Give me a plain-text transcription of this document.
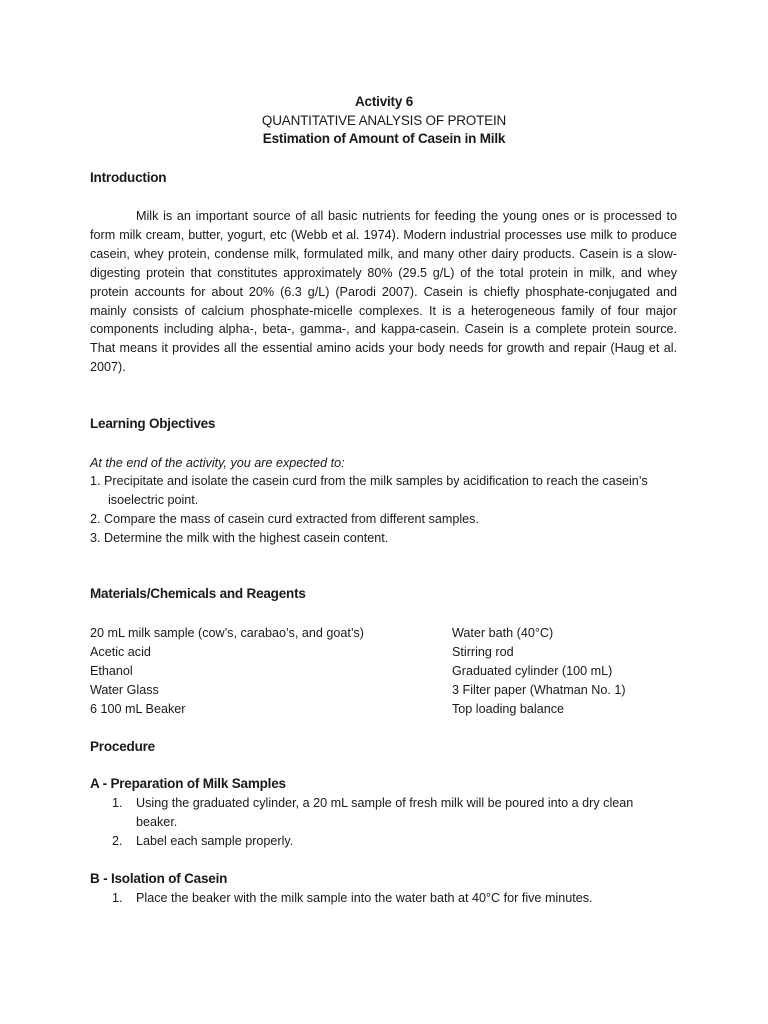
Activity 6
QUANTITATIVE ANALYSIS OF PROTEIN
Estimation of Amount of Casein in Milk
Introduction
Milk is an important source of all basic nutrients for feeding the young ones or is processed to form milk cream, butter, yogurt, etc (Webb et al. 1974). Modern industrial processes use milk to produce casein, whey protein, condense milk, formulated milk, and many other dairy products. Casein is a slow-digesting protein that constitutes approximately 80% (29.5 g/L) of the total protein in milk, and whey protein accounts for about 20% (6.3 g/L) (Parodi 2007). Casein is chiefly phosphate-conjugated and mainly consists of calcium phosphate-micelle complexes. It is a heterogeneous family of four major components including alpha-, beta-, gamma-, and kappa-casein. Casein is a complete protein source. That means it provides all the essential amino acids your body needs for growth and repair (Haug et al. 2007).
Learning Objectives
At the end of the activity, you are expected to:
1. Precipitate and isolate the casein curd from the milk samples by acidification to reach the casein’s isoelectric point.
2. Compare the mass of casein curd extracted from different samples.
3. Determine the milk with the highest casein content.
Materials/Chemicals and Reagents
20 mL milk sample (cow’s, carabao’s, and goat’s)
Acetic acid
Ethanol
Water Glass
6 100 mL Beaker
Water bath (40°C)
Stirring rod
Graduated cylinder (100 mL)
3 Filter paper (Whatman No. 1)
Top loading balance
Procedure
A - Preparation of Milk Samples
1. Using the graduated cylinder, a 20 mL sample of fresh milk will be poured into a dry clean beaker.
2. Label each sample properly.
B - Isolation of Casein
1. Place the beaker with the milk sample into the water bath at 40°C for five minutes.
